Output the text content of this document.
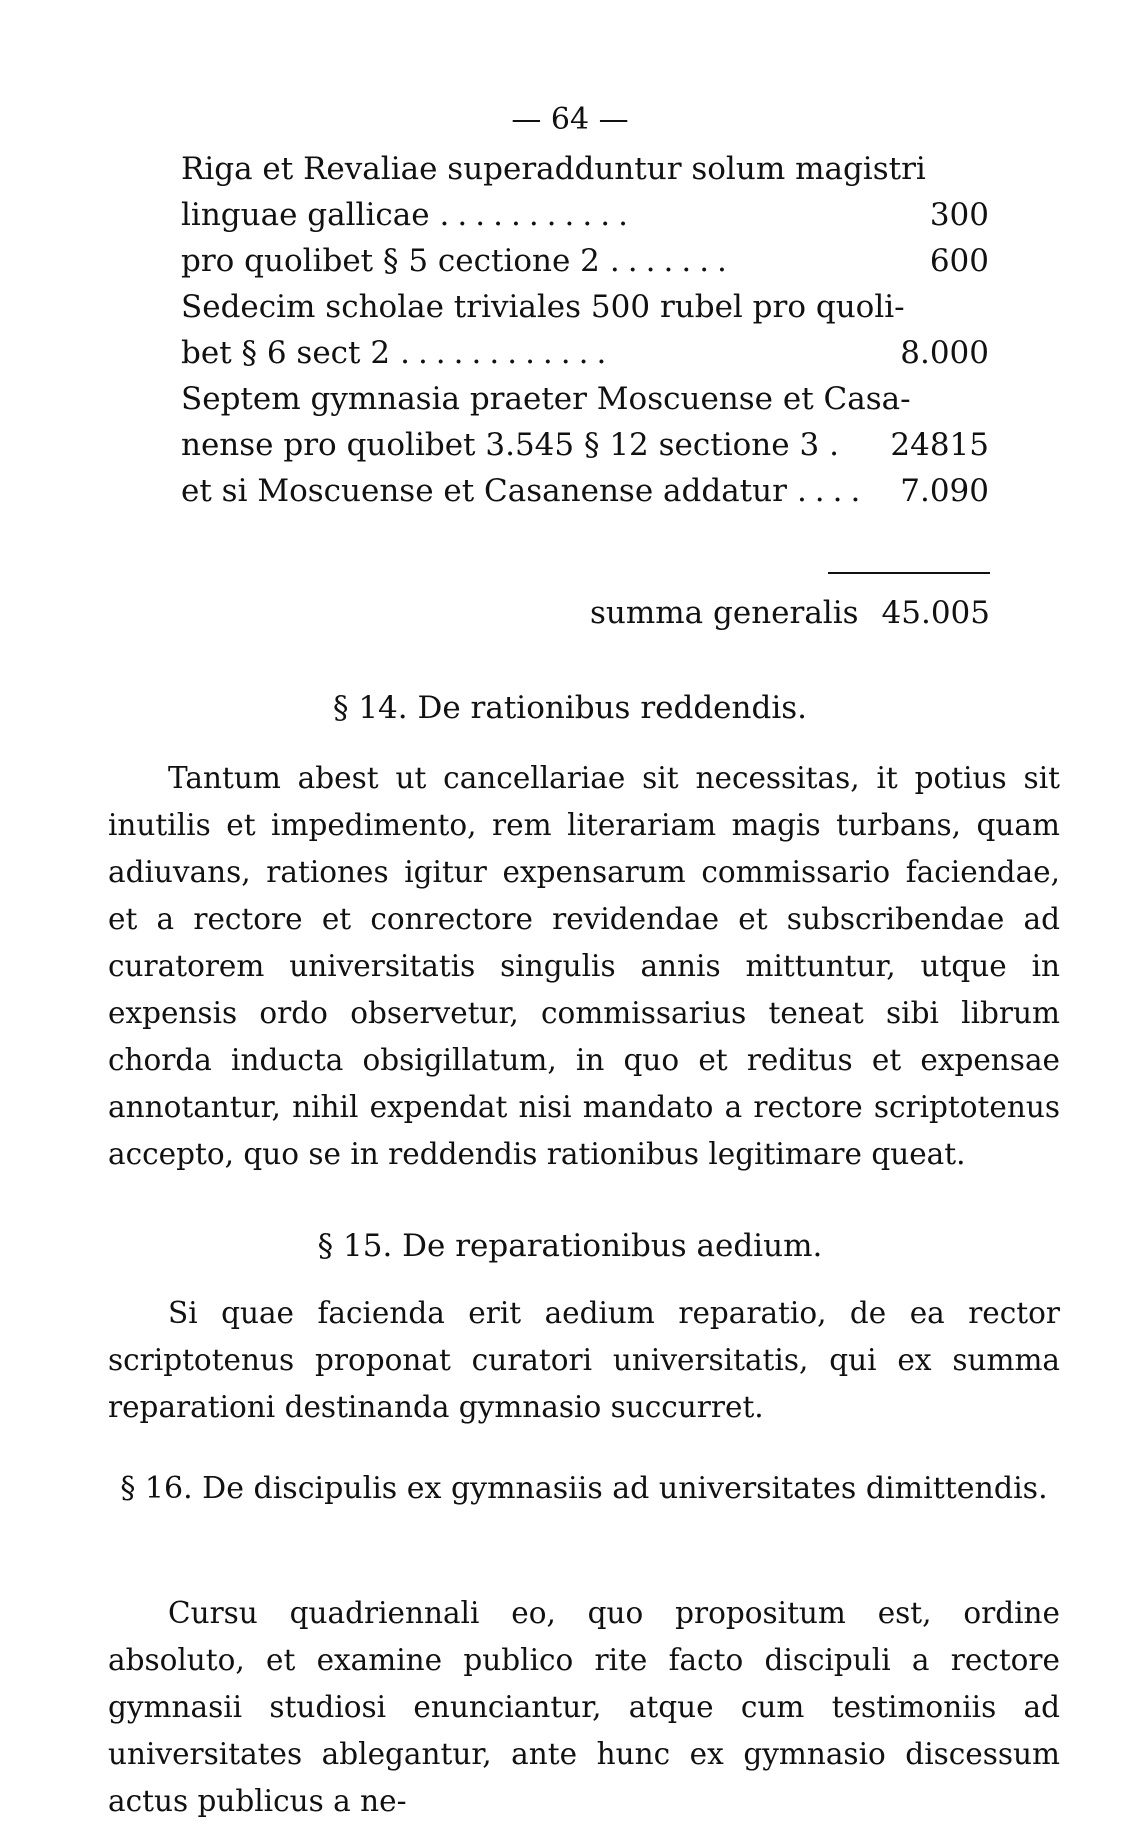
— 64 —
Riga et Revaliae superadduntur solum magistri
linguae gallicae ...........	300
pro quolibet § 5 cectione 2 .......	600
Sedecim scholae triviales 500 rubel pro quoli-
bet § 6 sect 2 ............	8.000
Septem gymnasia praeter Moscuense et Casa-
nense pro quolibet 3.545 § 12 sectione 3 . 24815
et si Moscuense et Casanense addatur .... 7.090
summa generalis 45.005
§ 14. De rationibus reddendis.
Tantum abest ut cancellariae sit necessitas, it potius sit inutilis et impedimento, rem literariam magis turbans, quam adiuvans, rationes igitur expensarum commissario faciendae, et a rectore et conrectore revidendae et subscribendae ad curatorem universitatis singulis annis mittuntur, utque in expensis ordo observetur, commissarius teneat sibi librum chorda inducta obsigillatum, in quo et reditus et expensae annotantur, nihil expendat nisi mandato a rectore scriptotenus accepto, quo se in reddendis rationibus legitimare queat.
§ 15. De reparationibus aedium.
Si quae facienda erit aedium reparatio, de ea rector scriptotenus proponat curatori universitatis, qui ex summa reparationi destinanda gymnasio succurret.
§ 16. De discipulis ex gymnasiis ad universitates dimittendis.
Cursu quadriennali eo, quo propositum est, ordine absoluto, et examine publico rite facto discipuli a rectore gymnasii studiosi enunciantur, atque cum testimoniis ad universitates ablegantur, ante hunc ex gymnasio discessum actus publicus a ne-
